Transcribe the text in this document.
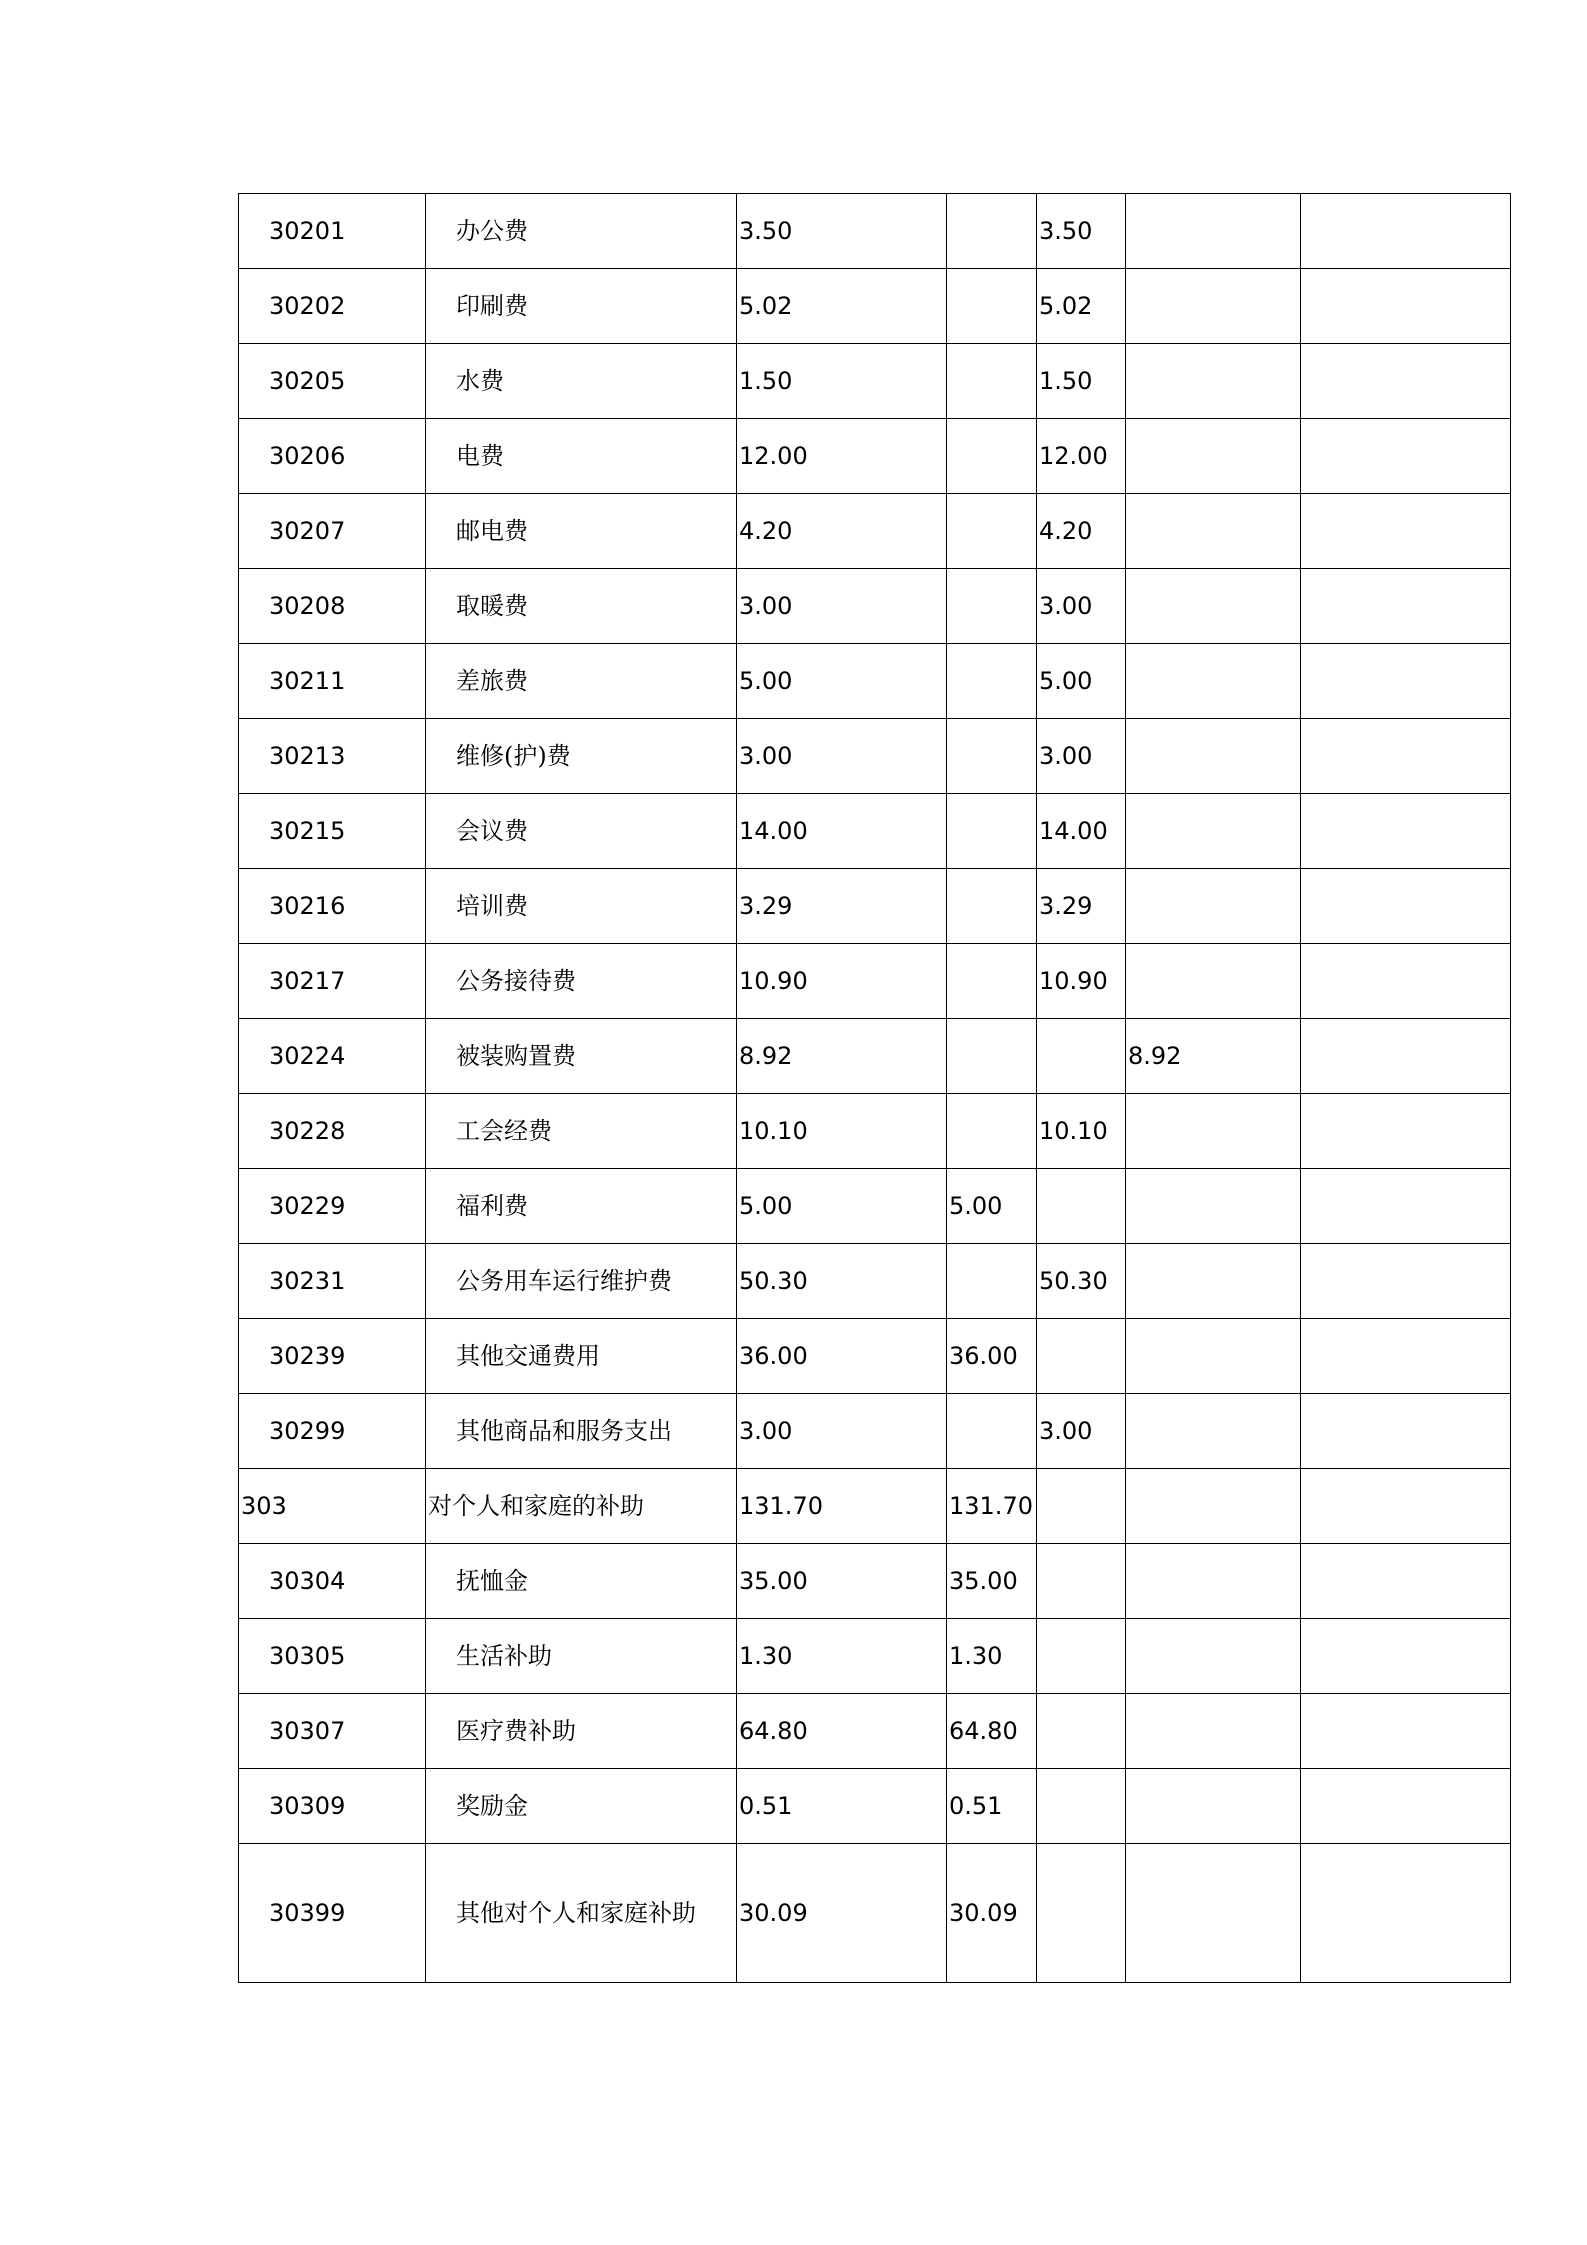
30201	办公费	3.50		3.50		
30202	印刷费	5.02		5.02		
30205	水费	1.50		1.50		
30206	电费	12.00		12.00		
30207	邮电费	4.20		4.20		
30208	取暖费	3.00		3.00		
30211	差旅费	5.00		5.00		
30213	维修(护)费	3.00		3.00		
30215	会议费	14.00		14.00		
30216	培训费	3.29		3.29		
30217	公务接待费	10.90		10.90		
30224	被装购置费	8.92			8.92	
30228	工会经费	10.10		10.10		
30229	福利费	5.00	5.00			
30231	公务用车运行维护费	50.30		50.30		
30239	其他交通费用	36.00	36.00			
30299	其他商品和服务支出	3.00		3.00		
303	对个人和家庭的补助	131.70	131.70			
30304	抚恤金	35.00	35.00			
30305	生活补助	1.30	1.30			
30307	医疗费补助	64.80	64.80			
30309	奖励金	0.51	0.51			
30399	其他对个人和家庭补助	30.09	30.09			
